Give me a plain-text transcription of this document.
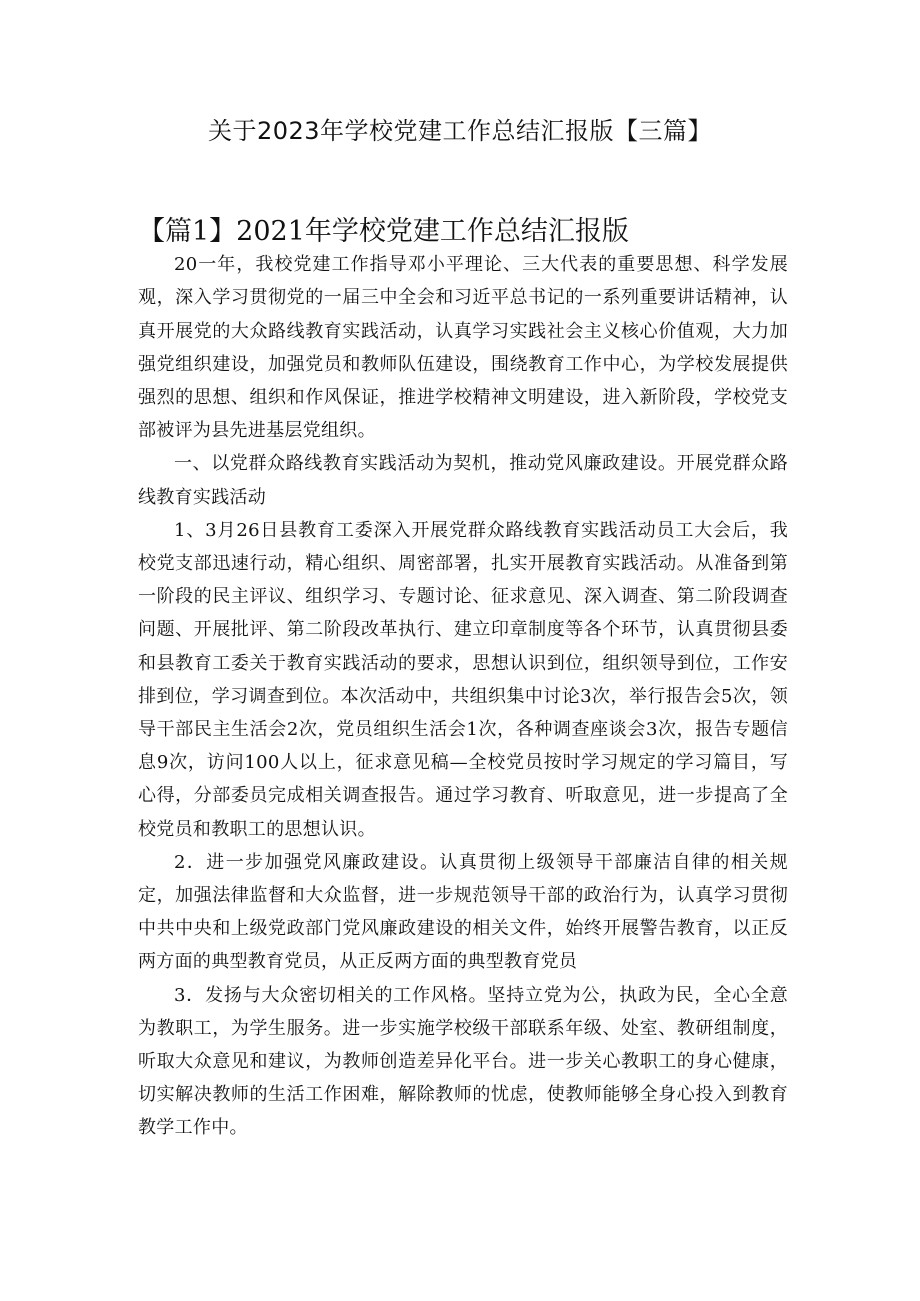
关于2023年学校党建工作总结汇报版【三篇】
【篇1】2021年学校党建工作总结汇报版

20一年，我校党建工作指导邓小平理论、三大代表的重要思想、科学发展观，深入学习贯彻党的一届三中全会和习近平总书记的一系列重要讲话精神，认真开展党的大众路线教育实践活动，认真学习实践社会主义核心价值观，大力加强党组织建设，加强党员和教师队伍建设，围绕教育工作中心，为学校发展提供强烈的思想、组织和作风保证，推进学校精神文明建设，进入新阶段，学校党支部被评为县先进基层党组织。

一、以党群众路线教育实践活动为契机，推动党风廉政建设。开展党群众路线教育实践活动

1、3月26日县教育工委深入开展党群众路线教育实践活动员工大会后，我校党支部迅速行动，精心组织、周密部署，扎实开展教育实践活动。从准备到第一阶段的民主评议、组织学习、专题讨论、征求意见、深入调查、第二阶段调查问题、开展批评、第二阶段改革执行、建立印章制度等各个环节，认真贯彻县委和县教育工委关于教育实践活动的要求，思想认识到位，组织领导到位，工作安排到位，学习调查到位。本次活动中，共组织集中讨论3次，举行报告会5次，领导干部民主生活会2次，党员组织生活会1次，各种调查座谈会3次，报告专题信息9次，访问100人以上，征求意见稿—全校党员按时学习规定的学习篇目，写心得，分部委员完成相关调查报告。通过学习教育、听取意见，进一步提高了全校党员和教职工的思想认识。

2．进一步加强党风廉政建设。认真贯彻上级领导干部廉洁自律的相关规定，加强法律监督和大众监督，进一步规范领导干部的政治行为，认真学习贯彻中共中央和上级党政部门党风廉政建设的相关文件，始终开展警告教育，以正反两方面的典型教育党员，从正反两方面的典型教育党员

3．发扬与大众密切相关的工作风格。坚持立党为公，执政为民，全心全意为教职工，为学生服务。进一步实施学校级干部联系年级、处室、教研组制度，听取大众意见和建议，为教师创造差异化平台。进一步关心教职工的身心健康，切实解决教师的生活工作困难，解除教师的忧虑，使教师能够全身心投入到教育教学工作中。
